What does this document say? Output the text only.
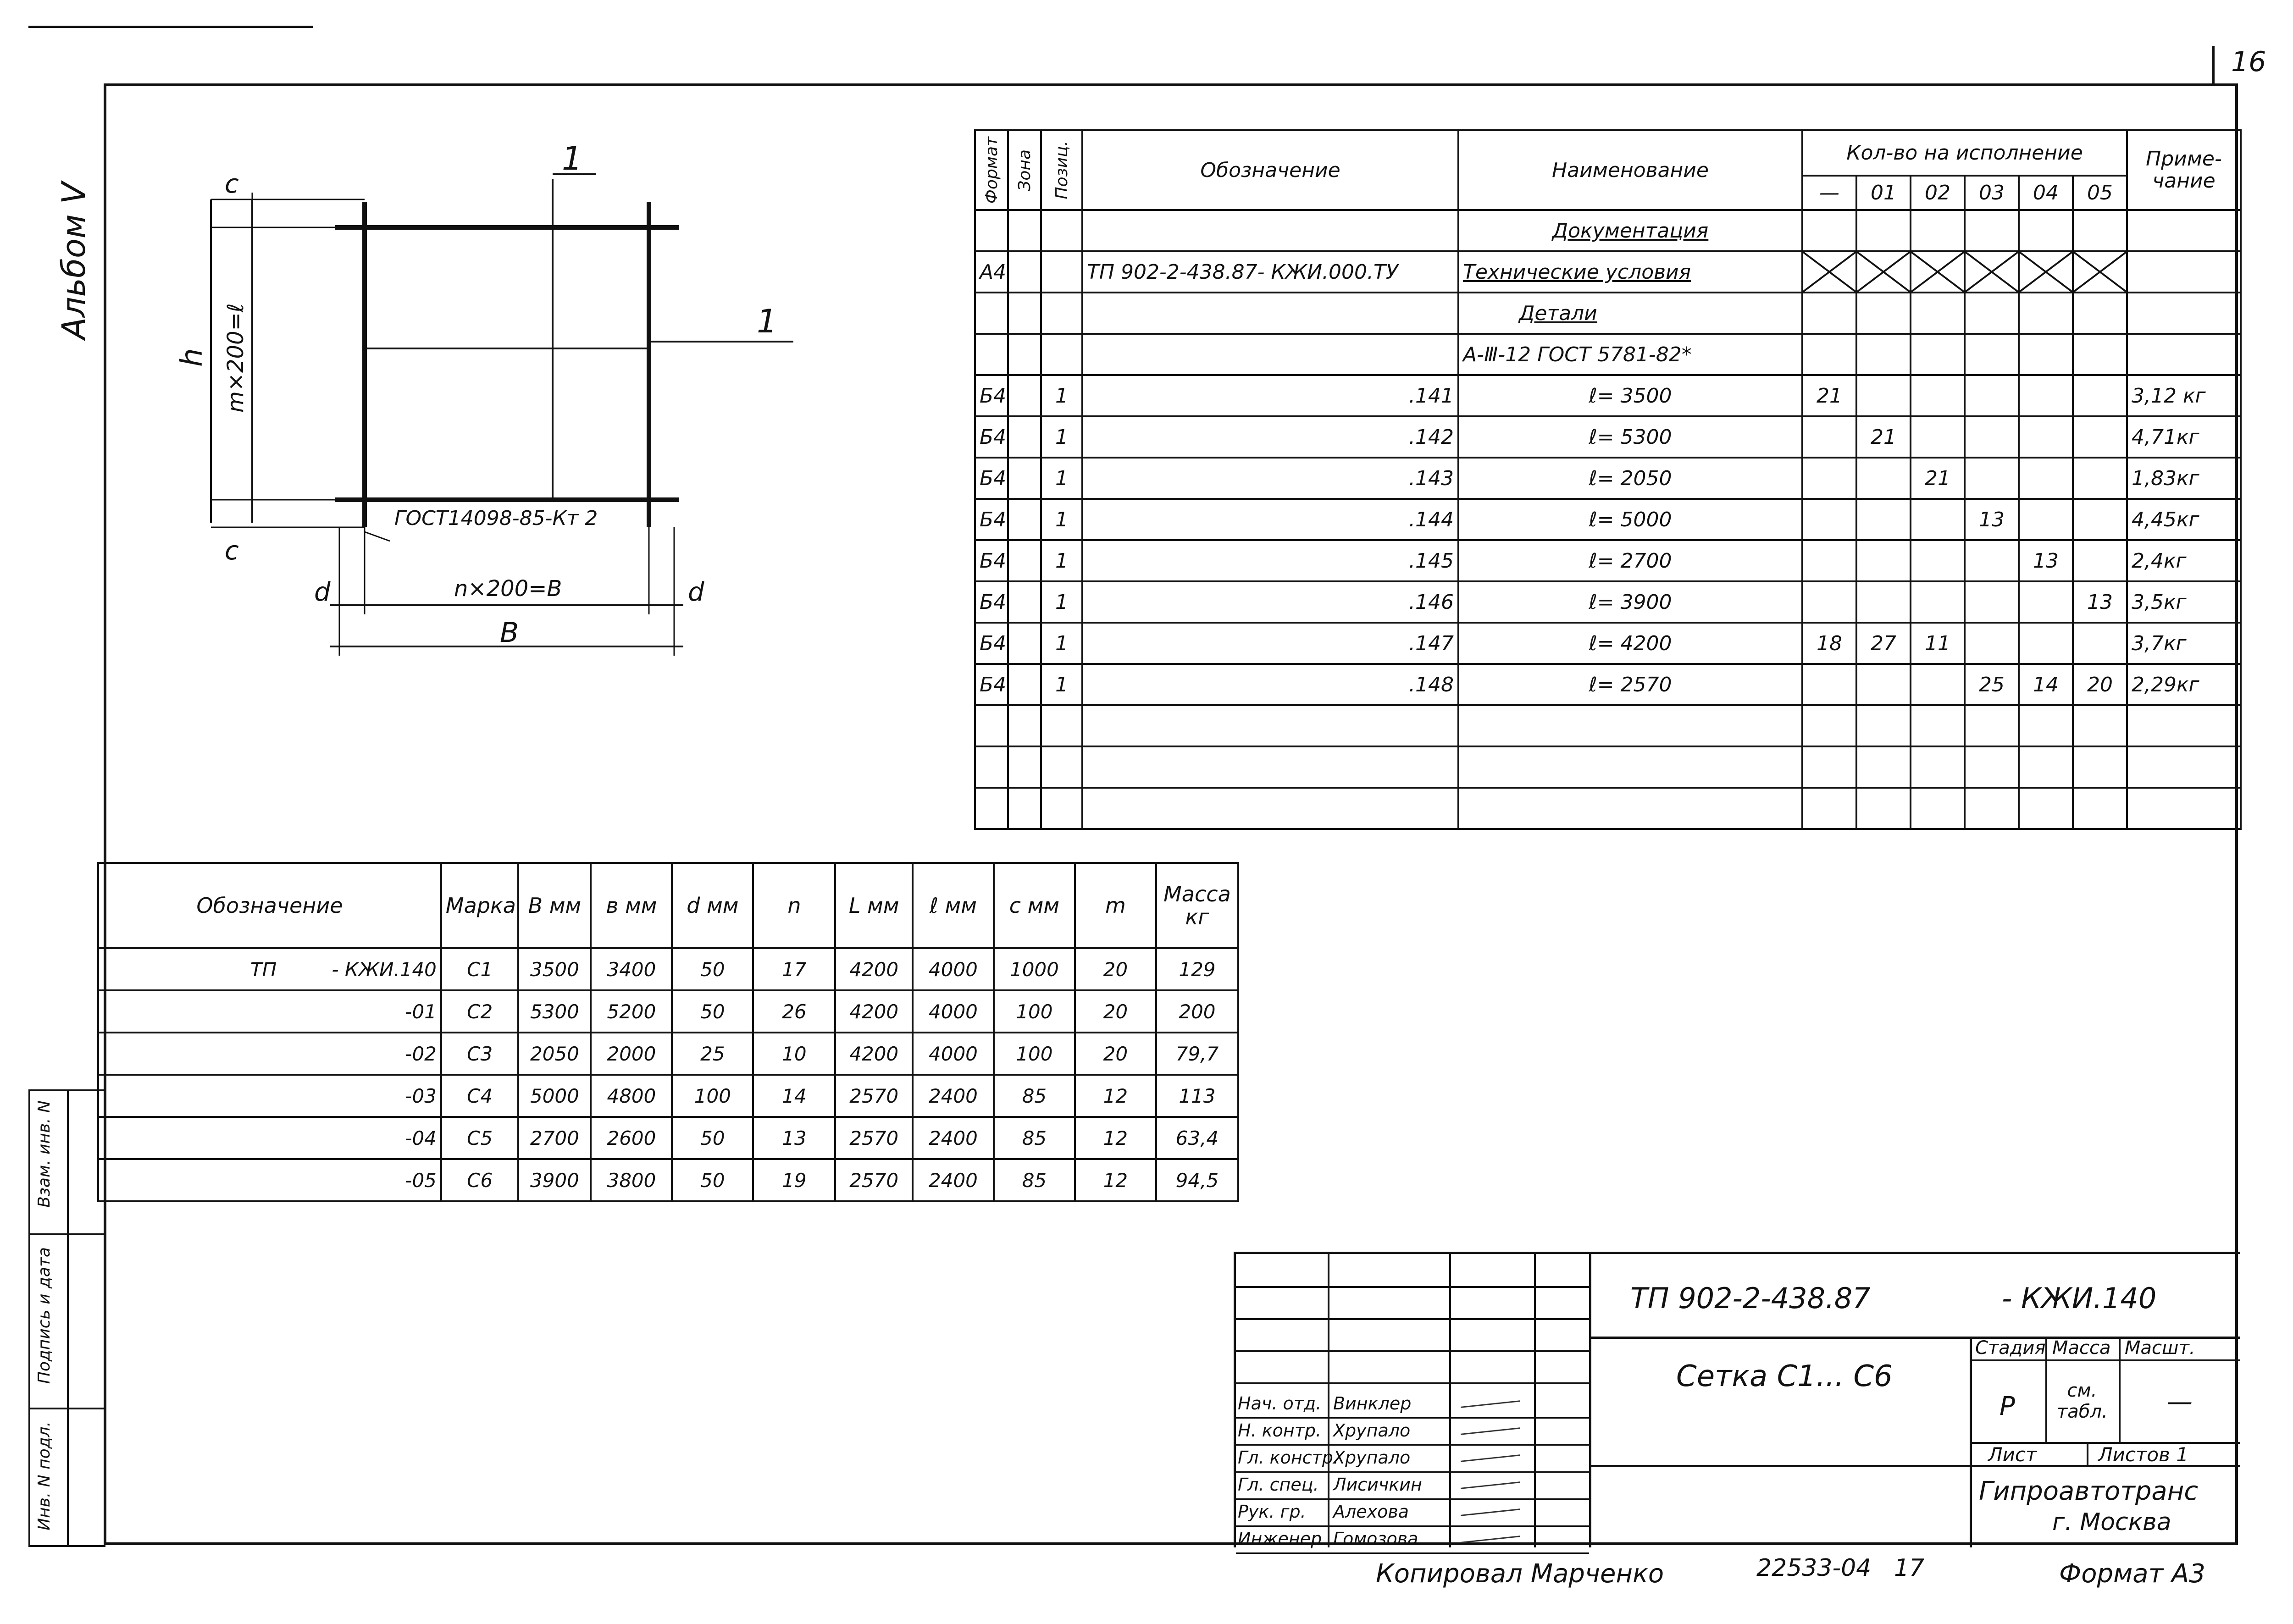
16
Альбом Ⅴ
1
1
c
c
h m×200=ℓ
ГОСТ14098-85-Кт 2
d	d
n×200=B
B
Формат	Зона	Позиц.	Обозначение	Наименование	Кол-во на исполнение						Приме- чание
					—	01	02	03	04	05	
				Документация							
А4			ТП 902-2-438.87- КЖИ.000.ТУ	Технические условия	

				Детали							
				А-Ⅲ-12 ГОСТ 5781-82*							
Б4		1	.141	ℓ= 3500	21						3,12 кг
Б4		1	.142	ℓ= 5300		21					4,71кг
Б4		1	.143	ℓ= 2050			21				1,83кг
Б4		1	.144	ℓ= 5000				13			4,45кг
Б4		1	.145	ℓ= 2700					13		2,4кг
Б4		1	.146	ℓ= 3900						13	3,5кг
Б4		1	.147	ℓ= 4200	18	27	11				3,7кг
Б4		1	.148	ℓ= 2570				25	14	20	2,29кг

Обозначение	Марка	В мм	в мм	d мм	n	L мм	ℓ мм	c мм	m	Масса кг
ТП         - КЖИ.140	С1	3500	3400	50	17	4200	4000	1000	20	129
-01	С2	5300	5200	50	26	4200	4000	100	20	200
-02	С3	2050	2000	25	10	4200	4000	100	20	79,7
-03	С4	5000	4800	100	14	2570	2400	85	12	113
-04	С5	2700	2600	50	13	2570	2400	85	12	63,4
-05	С6	3900	3800	50	19	2570	2400	85	12	94,5
Взам. инв. N
Подпись и дата
Инв. N подл.
Нач. отд. Винклер
Н. контр. Хрупало
Гл. констр.
Хрупало
Гл. спец. Лисичкин
Рук. гр. Алехова
Инженер Гомозова
ТП 902-2-438.87	- КЖИ.140
Сетка С1... С6
Стадия Масса Масшт.
Р
см. табл. —
Лист	Листов 1
Гипроавтотранс
г. Москва
Копировал Марченко	22533-04   17	Формат А3
